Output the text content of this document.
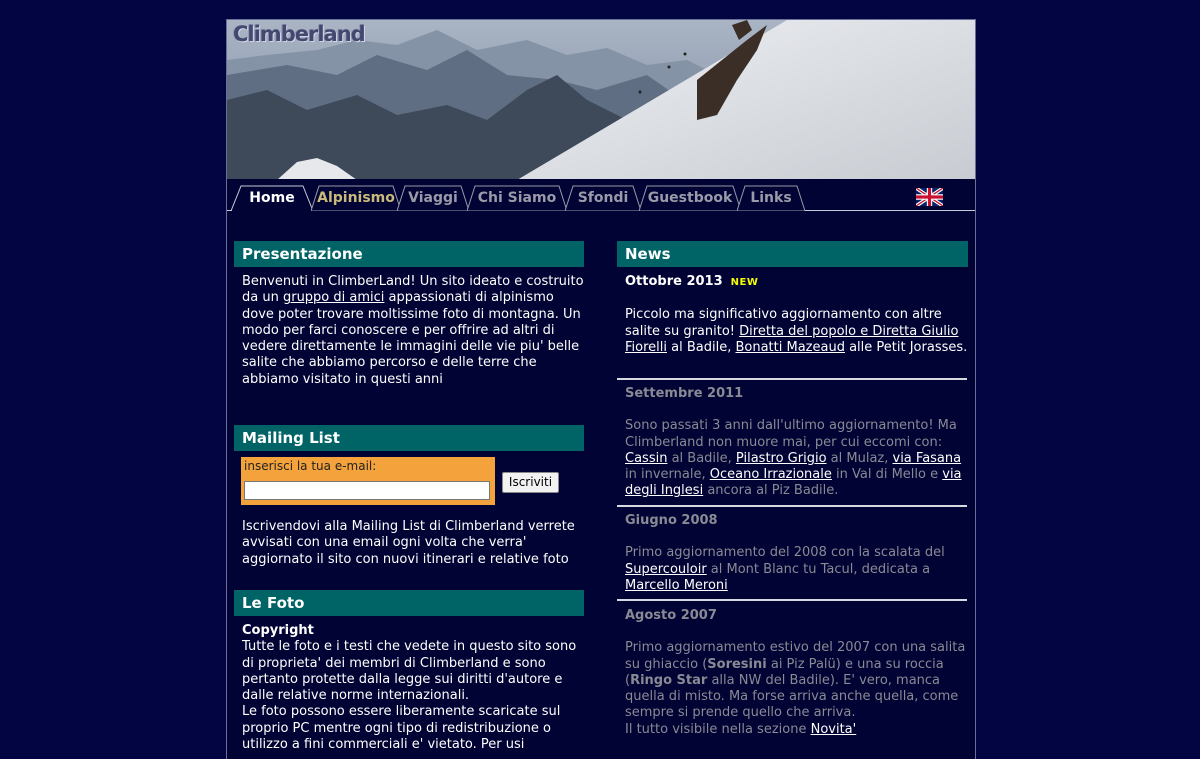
Climberland
Home	Alpinismo Viaggi	Chi Siamo	Sfondi	Guestbook	Links
Presentazione
Benvenuti in ClimberLand! Un sito ideato e costruito da un gruppo di amici appassionati di alpinismo dove poter trovare moltissime foto di montagna. Un modo per farci conoscere e per offrire ad altri di vedere direttamente le immagini delle vie piu' belle salite che abbiamo percorso e delle terre che abbiamo visitato in questi anni
Mailing List
inserisci la tua e-mail:
Iscriviti
Iscrivendovi alla Mailing List di Climberland verrete avvisati con una email ogni volta che verra' aggiornato il sito con nuovi itinerari e relative foto
Le Foto
Copyright
Tutte le foto e i testi che vedete in questo sito sono di proprieta' dei membri di Climberland e sono pertanto protette dalla legge sui diritti d'autore e dalle relative norme internazionali.
Le foto possono essere liberamente scaricate sul proprio PC mentre ogni tipo di redistribuzione o utilizzo a fini commerciali e' vietato. Per usi
News
Ottobre 2013 NEW
Piccolo ma significativo aggiornamento con altre salite su granito! Diretta del popolo e Diretta Giulio Fiorelli al Badile, Bonatti Mazeaud alle Petit Jorasses.
Settembre 2011
Sono passati 3 anni dall'ultimo aggiornamento! Ma Climberland non muore mai, per cui eccomi con: Cassin al Badile, Pilastro Grigio al Mulaz, via Fasana in invernale, Oceano Irrazionale in Val di Mello e via degli Inglesi ancora al Piz Badile.
Giugno 2008
Primo aggiornamento del 2008 con la scalata del Supercouloir al Mont Blanc tu Tacul, dedicata a Marcello Meroni
Agosto 2007
Primo aggiornamento estivo del 2007 con una salita su ghiaccio (Soresini ai Piz Palü) e una su roccia (Ringo Star alla NW del Badile). E' vero, manca quella di misto. Ma forse arriva anche quella, come sempre si prende quello che arriva.
Il tutto visibile nella sezione Novita'
